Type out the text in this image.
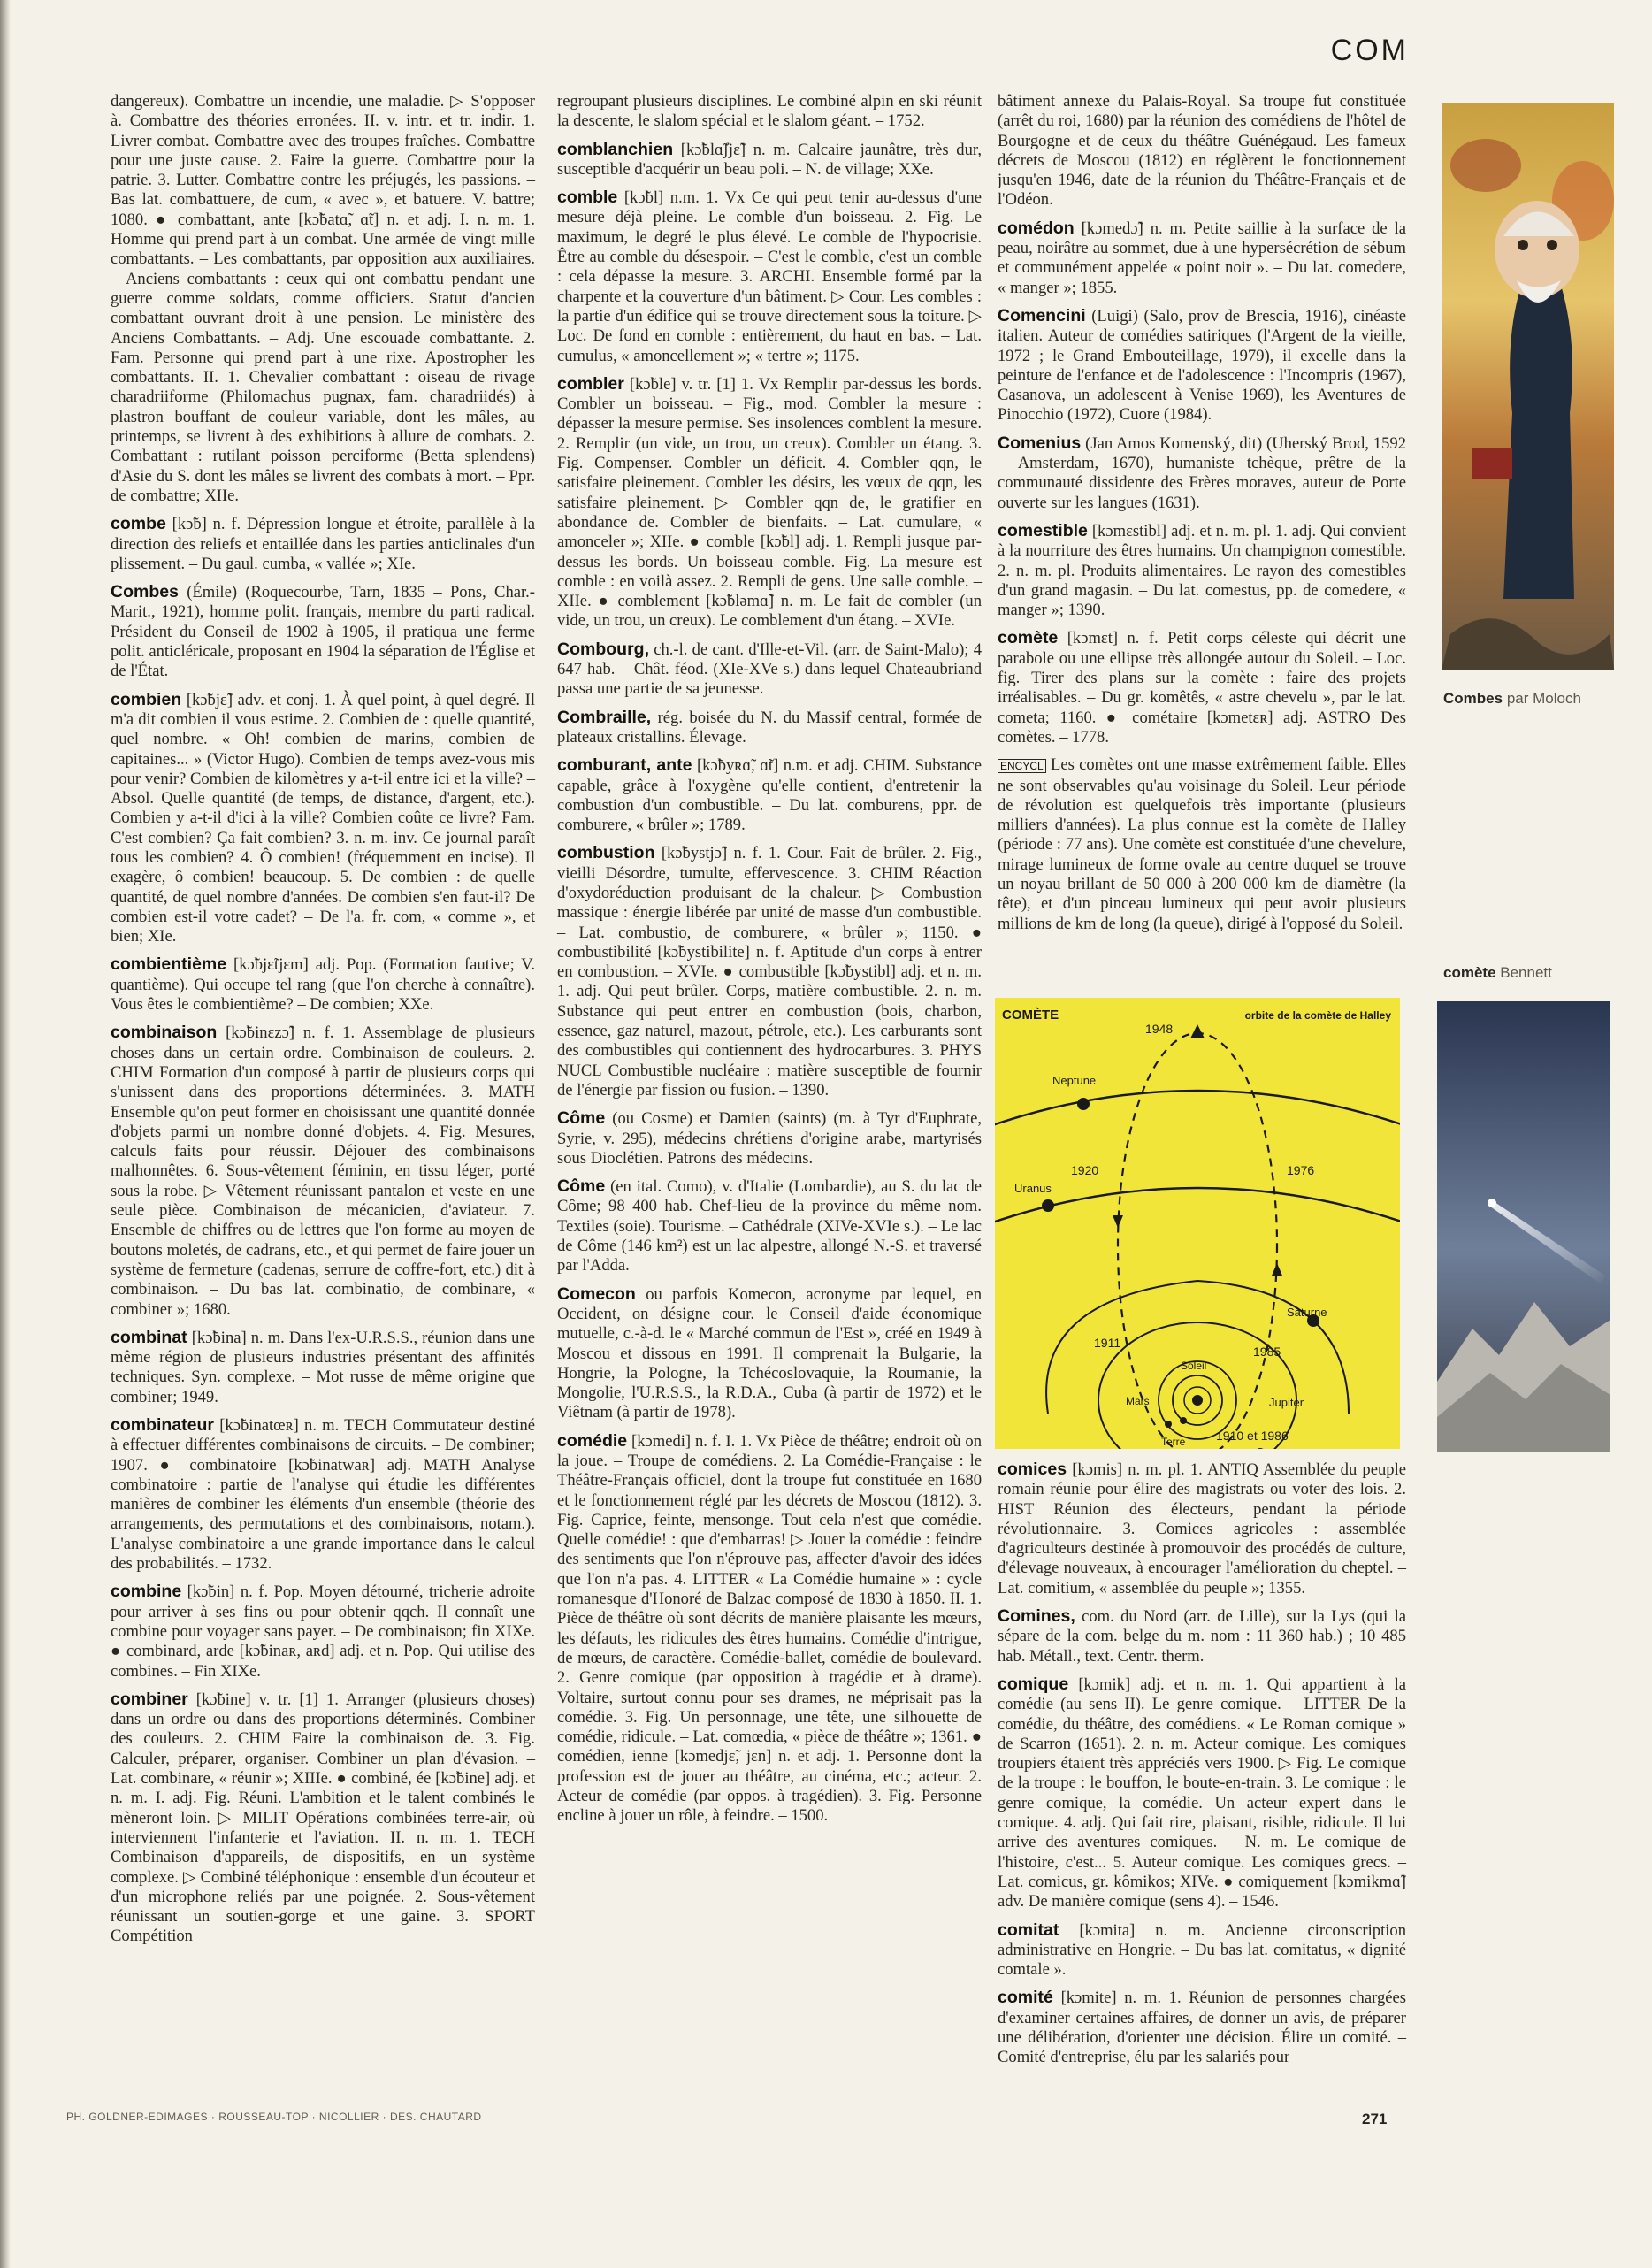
COM

dangereux). Combattre un incendie, une maladie. ▷ S'opposer à. Combattre des théories erronées. II. v. intr. et tr. indir. 1. Livrer combat. Combattre avec des troupes fraîches. Combattre pour une juste cause. 2. Faire la guerre. Combattre pour la patrie. 3. Lutter. Combattre contre les préjugés, les passions. – Bas lat. combattuere, de cum, « avec », et batuere. V. battre; 1080. ● combattant, ante [kɔ̃batɑ̃, ɑ̃t] n. et adj. I. n. m. 1. Homme qui prend part à un combat. Une armée de vingt mille combattants. – Les combattants, par opposition aux auxiliaires. – Anciens combattants : ceux qui ont combattu pendant une guerre comme soldats, comme officiers. Statut d'ancien combattant ouvrant droit à une pension. Le ministère des Anciens Combattants. – Adj. Une escouade combattante. 2. Fam. Personne qui prend part à une rixe. Apostropher les combattants. II. 1. Chevalier combattant : oiseau de rivage charadriiforme (Philomachus pugnax, fam. charadriidés) à plastron bouffant de couleur variable, dont les mâles, au printemps, se livrent à des exhibitions à allure de combats. 2. Combattant : rutilant poisson perciforme (Betta splendens) d'Asie du S. dont les mâles se livrent des combats à mort. – Ppr. de combattre; XIIe.

combe [kɔ̃b] n. f. Dépression longue et étroite, parallèle à la direction des reliefs et entaillée dans les parties anticlinales d'un plissement. – Du gaul. cumba, « vallée »; XIe.

Combes (Émile) (Roquecourbe, Tarn, 1835 – Pons, Char.-Marit., 1921), homme polit. français, membre du parti radical. Président du Conseil de 1902 à 1905, il pratiqua une ferme polit. anticléricale, proposant en 1904 la séparation de l'Église et de l'État.

combien [kɔ̃bjɛ̃] adv. et conj. 1. À quel point, à quel degré. Il m'a dit combien il vous estime. 2. Combien de : quelle quantité, quel nombre. « Oh! combien de marins, combien de capitaines... » (Victor Hugo). Combien de temps avez-vous mis pour venir? Combien de kilomètres y a-t-il entre ici et la ville? – Absol. Quelle quantité (de temps, de distance, d'argent, etc.). Combien y a-t-il d'ici à la ville? Combien coûte ce livre? Fam. C'est combien? Ça fait combien? 3. n. m. inv. Ce journal paraît tous les combien? 4. Ô combien! (fréquemment en incise). Il exagère, ô combien! beaucoup. 5. De combien : de quelle quantité, de quel nombre d'années. De combien s'en faut-il? De combien est-il votre cadet? – De l'a. fr. com, « comme », et bien; XIe.

combientième [kɔ̃bjɛ̃tjɛm] adj. Pop. (Formation fautive; V. quantième). Qui occupe tel rang (que l'on cherche à connaître). Vous êtes le combientième? – De combien; XXe.

combinaison [kɔ̃binɛzɔ̃] n. f. 1. Assemblage de plusieurs choses dans un certain ordre. Combinaison de couleurs. 2. CHIM Formation d'un composé à partir de plusieurs corps qui s'unissent dans des proportions déterminées. 3. MATH Ensemble qu'on peut former en choisissant une quantité donnée d'objets parmi un nombre donné d'objets. 4. Fig. Mesures, calculs faits pour réussir. Déjouer des combinaisons malhonnêtes. 6. Sous-vêtement féminin, en tissu léger, porté sous la robe. ▷ Vêtement réunissant pantalon et veste en une seule pièce. Combinaison de mécanicien, d'aviateur. 7. Ensemble de chiffres ou de lettres que l'on forme au moyen de boutons moletés, de cadrans, etc., et qui permet de faire jouer un système de fermeture (cadenas, serrure de coffre-fort, etc.) dit à combinaison. – Du bas lat. combinatio, de combinare, « combiner »; 1680.

combinat [kɔ̃bina] n. m. Dans l'ex-U.R.S.S., réunion dans une même région de plusieurs industries présentant des affinités techniques. Syn. complexe. – Mot russe de même origine que combiner; 1949.

combinateur [kɔ̃binatœʀ] n. m. TECH Commutateur destiné à effectuer différentes combinaisons de circuits. – De combiner; 1907. ● combinatoire [kɔ̃binatwaʀ] adj. MATH Analyse combinatoire : partie de l'analyse qui étudie les différentes manières de combiner les éléments d'un ensemble (théorie des arrangements, des permutations et des combinaisons, notam.). L'analyse combinatoire a une grande importance dans le calcul des probabilités. – 1732.

combine [kɔ̃bin] n. f. Pop. Moyen détourné, tricherie adroite pour arriver à ses fins ou pour obtenir qqch. Il connaît une combine pour voyager sans payer. – De combinaison; fin XIXe. ● combinard, arde [kɔ̃binaʀ, aʀd] adj. et n. Pop. Qui utilise des combines. – Fin XIXe.

combiner [kɔ̃bine] v. tr. [1] 1. Arranger (plusieurs choses) dans un ordre ou dans des proportions déterminés. Combiner des couleurs. 2. CHIM Faire la combinaison de. 3. Fig. Calculer, préparer, organiser. Combiner un plan d'évasion. – Lat. combinare, « réunir »; XIIIe. ● combiné, ée [kɔ̃bine] adj. et n. m. I. adj. Fig. Réuni. L'ambition et le talent combinés le mèneront loin. ▷ MILIT Opérations combinées terre-air, où interviennent l'infanterie et l'aviation. II. n. m. 1. TECH Combinaison d'appareils, de dispositifs, en un système complexe. ▷ Combiné téléphonique : ensemble d'un écouteur et d'un microphone reliés par une poignée. 2. Sous-vêtement réunissant un soutien-gorge et une gaine. 3. SPORT Compétition

regroupant plusieurs disciplines. Le combiné alpin en ski réunit la descente, le slalom spécial et le slalom géant. – 1752.

comblanchien [kɔ̃blɑ̃ʃjɛ̃] n. m. Calcaire jaunâtre, très dur, susceptible d'acquérir un beau poli. – N. de village; XXe.

comble [kɔ̃bl] n.m. 1. Vx Ce qui peut tenir au-dessus d'une mesure déjà pleine. Le comble d'un boisseau. 2. Fig. Le maximum, le degré le plus élevé. Le comble de l'hypocrisie. Être au comble du désespoir. – C'est le comble, c'est un comble : cela dépasse la mesure. 3. ARCHI. Ensemble formé par la charpente et la couverture d'un bâtiment. ▷ Cour. Les combles : la partie d'un édifice qui se trouve directement sous la toiture. ▷ Loc. De fond en comble : entièrement, du haut en bas. – Lat. cumulus, « amoncellement »; « tertre »; 1175.

combler [kɔ̃ble] v. tr. [1] 1. Vx Remplir par-dessus les bords. Combler un boisseau. – Fig., mod. Combler la mesure : dépasser la mesure permise. Ses insolences comblent la mesure. 2. Remplir (un vide, un trou, un creux). Combler un étang. 3. Fig. Compenser. Combler un déficit. 4. Combler qqn, le satisfaire pleinement. Combler les désirs, les vœux de qqn, les satisfaire pleinement. ▷ Combler qqn de, le gratifier en abondance de. Combler de bienfaits. – Lat. cumulare, « amonceler »; XIIe. ● comble [kɔ̃bl] adj. 1. Rempli jusque par-dessus les bords. Un boisseau comble. Fig. La mesure est comble : en voilà assez. 2. Rempli de gens. Une salle comble. – XIIe. ● comblement [kɔ̃bləmɑ̃] n. m. Le fait de combler (un vide, un trou, un creux). Le comblement d'un étang. – XVIe.

Combourg, ch.-l. de cant. d'Ille-et-Vil. (arr. de Saint-Malo); 4 647 hab. – Chât. féod. (XIe-XVe s.) dans lequel Chateaubriand passa une partie de sa jeunesse.

Combraille, rég. boisée du N. du Massif central, formée de plateaux cristallins. Élevage.

comburant, ante [kɔ̃byʀɑ̃, ɑ̃t] n.m. et adj. CHIM. Substance capable, grâce à l'oxygène qu'elle contient, d'entretenir la combustion d'un combustible. – Du lat. comburens, ppr. de comburere, « brûler »; 1789.

combustion [kɔ̃bystjɔ̃] n. f. 1. Cour. Fait de brûler. 2. Fig., vieilli Désordre, tumulte, effervescence. 3. CHIM Réaction d'oxydoréduction produisant de la chaleur. ▷ Combustion massique : énergie libérée par unité de masse d'un combustible. – Lat. combustio, de comburere, « brûler »; 1150. ● combustibilité [kɔ̃bystibilite] n. f. Aptitude d'un corps à entrer en combustion. – XVIe. ● combustible [kɔ̃bystibl] adj. et n. m. 1. adj. Qui peut brûler. Corps, matière combustible. 2. n. m. Substance qui peut entrer en combustion (bois, charbon, essence, gaz naturel, mazout, pétrole, etc.). Les carburants sont des combustibles qui contiennent des hydrocarbures. 3. PHYS NUCL Combustible nucléaire : matière susceptible de fournir de l'énergie par fission ou fusion. – 1390.

Côme (ou Cosme) et Damien (saints) (m. à Tyr d'Euphrate, Syrie, v. 295), médecins chrétiens d'origine arabe, martyrisés sous Dioclétien. Patrons des médecins.

Côme (en ital. Como), v. d'Italie (Lombardie), au S. du lac de Côme; 98 400 hab. Chef-lieu de la province du même nom. Textiles (soie). Tourisme. – Cathédrale (XIVe-XVIe s.). – Le lac de Côme (146 km²) est un lac alpestre, allongé N.-S. et traversé par l'Adda.

Comecon ou parfois Komecon, acronyme par lequel, en Occident, on désigne cour. le Conseil d'aide économique mutuelle, c.-à-d. le « Marché commun de l'Est », créé en 1949 à Moscou et dissous en 1991. Il comprenait la Bulgarie, la Hongrie, la Pologne, la Tchécoslovaquie, la Roumanie, la Mongolie, l'U.R.S.S., la R.D.A., Cuba (à partir de 1972) et le Viêtnam (à partir de 1978).

comédie [kɔmedi] n. f. I. 1. Vx Pièce de théâtre; endroit où on la joue. – Troupe de comédiens. 2. La Comédie-Française : le Théâtre-Français officiel, dont la troupe fut constituée en 1680 et le fonctionnement réglé par les décrets de Moscou (1812). 3. Fig. Caprice, feinte, mensonge. Tout cela n'est que comédie. Quelle comédie! : que d'embarras! ▷ Jouer la comédie : feindre des sentiments que l'on n'éprouve pas, affecter d'avoir des idées que l'on n'a pas. 4. LITTER « La Comédie humaine » : cycle romanesque d'Honoré de Balzac composé de 1830 à 1850. II. 1. Pièce de théâtre où sont décrits de manière plaisante les mœurs, les défauts, les ridicules des êtres humains. Comédie d'intrigue, de mœurs, de caractère. Comédie-ballet, comédie de boulevard. 2. Genre comique (par opposition à tragédie et à drame). Voltaire, surtout connu pour ses drames, ne méprisait pas la comédie. 3. Fig. Un personnage, une tête, une silhouette de comédie, ridicule. – Lat. comœdia, « pièce de théâtre »; 1361. ● comédien, ienne [kɔmedjɛ̃, jɛn] n. et adj. 1. Personne dont la profession est de jouer au théâtre, au cinéma, etc.; acteur. 2. Acteur de comédie (par oppos. à tragédien). 3. Fig. Personne encline à jouer un rôle, à feindre. – 1500.

bâtiment annexe du Palais-Royal. Sa troupe fut constituée (arrêt du roi, 1680) par la réunion des comédiens de l'hôtel de Bourgogne et de ceux du théâtre Guénégaud. Les fameux décrets de Moscou (1812) en réglèrent le fonctionnement jusqu'en 1946, date de la réunion du Théâtre-Français et de l'Odéon.

comédon [kɔmedɔ̃] n. m. Petite saillie à la surface de la peau, noirâtre au sommet, due à une hypersécrétion de sébum et communément appelée « point noir ». – Du lat. comedere, « manger »; 1855.

Comencini (Luigi) (Salo, prov de Brescia, 1916), cinéaste italien. Auteur de comédies satiriques (l'Argent de la vieille, 1972 ; le Grand Embouteillage, 1979), il excelle dans la peinture de l'enfance et de l'adolescence : l'Incompris (1967), Casanova, un adolescent à Venise 1969), les Aventures de Pinocchio (1972), Cuore (1984).

Comenius (Jan Amos Komenský, dit) (Uherský Brod, 1592 – Amsterdam, 1670), humaniste tchèque, prêtre de la communauté dissidente des Frères moraves, auteur de Porte ouverte sur les langues (1631).

comestible [kɔmɛstibl] adj. et n. m. pl. 1. adj. Qui convient à la nourriture des êtres humains. Un champignon comestible. 2. n. m. pl. Produits alimentaires. Le rayon des comestibles d'un grand magasin. – Du lat. comestus, pp. de comedere, « manger »; 1390.

comète [kɔmɛt] n. f. Petit corps céleste qui décrit une parabole ou une ellipse très allongée autour du Soleil. – Loc. fig. Tirer des plans sur la comète : faire des projets irréalisables. – Du gr. komêtês, « astre chevelu », par le lat. cometa; 1160. ● cométaire [kɔmetɛʀ] adj. ASTRO Des comètes. – 1778.

ENCYCL Les comètes ont une masse extrêmement faible. Elles ne sont observables qu'au voisinage du Soleil. Leur période de révolution est quelquefois très importante (plusieurs milliers d'années). La plus connue est la comète de Halley (période : 77 ans). Une comète est constituée d'une chevelure, mirage lumineux de forme ovale au centre duquel se trouve un noyau brillant de 50 000 à 200 000 km de diamètre (la tête), et d'un pinceau lumineux qui peut avoir plusieurs millions de km de long (la queue), dirigé à l'opposé du Soleil.

comices [kɔmis] n. m. pl. 1. ANTIQ Assemblée du peuple romain réunie pour élire des magistrats ou voter des lois. 2. HIST Réunion des électeurs, pendant la période révolutionnaire. 3. Comices agricoles : assemblée d'agriculteurs destinée à promouvoir des procédés de culture, d'élevage nouveaux, à encourager l'amélioration du cheptel. – Lat. comitium, « assemblée du peuple »; 1355.

Comines, com. du Nord (arr. de Lille), sur la Lys (qui la sépare de la com. belge du m. nom : 11 360 hab.) ; 10 485 hab. Métall., text. Centr. therm.

comique [kɔmik] adj. et n. m. 1. Qui appartient à la comédie (au sens II). Le genre comique. – LITTER De la comédie, du théâtre, des comédiens. « Le Roman comique » de Scarron (1651). 2. n. m. Acteur comique. Les comiques troupiers étaient très appréciés vers 1900. ▷ Fig. Le comique de la troupe : le bouffon, le boute-en-train. 3. Le comique : le genre comique, la comédie. Un acteur expert dans le comique. 4. adj. Qui fait rire, plaisant, risible, ridicule. Il lui arrive des aventures comiques. – N. m. Le comique de l'histoire, c'est... 5. Auteur comique. Les comiques grecs. – Lat. comicus, gr. kômikos; XIVe. ● comiquement [kɔmikmɑ̃] adv. De manière comique (sens 4). – 1546.

comitat [kɔmita] n. m. Ancienne circonscription administrative en Hongrie. – Du bas lat. comitatus, « dignité comtale ».

comité [kɔmite] n. m. 1. Réunion de personnes chargées d'examiner certaines affaires, de donner un avis, de préparer une délibération, d'orienter une décision. Élire un comité. – Comité d'entreprise, élu par les salariés pour

Combes par Moloch
comète Bennett
COMÈTE	orbite de la comète de Halley
1948
1920	1976
1911
1985
1910 et 1986
Neptune
Uranus
Saturne
Jupiter
Soleil
Mars
Terre
PH. GOLDNER-EDIMAGES · ROUSSEAU-TOP · NICOLLIER · DES. CHAUTARD	271
